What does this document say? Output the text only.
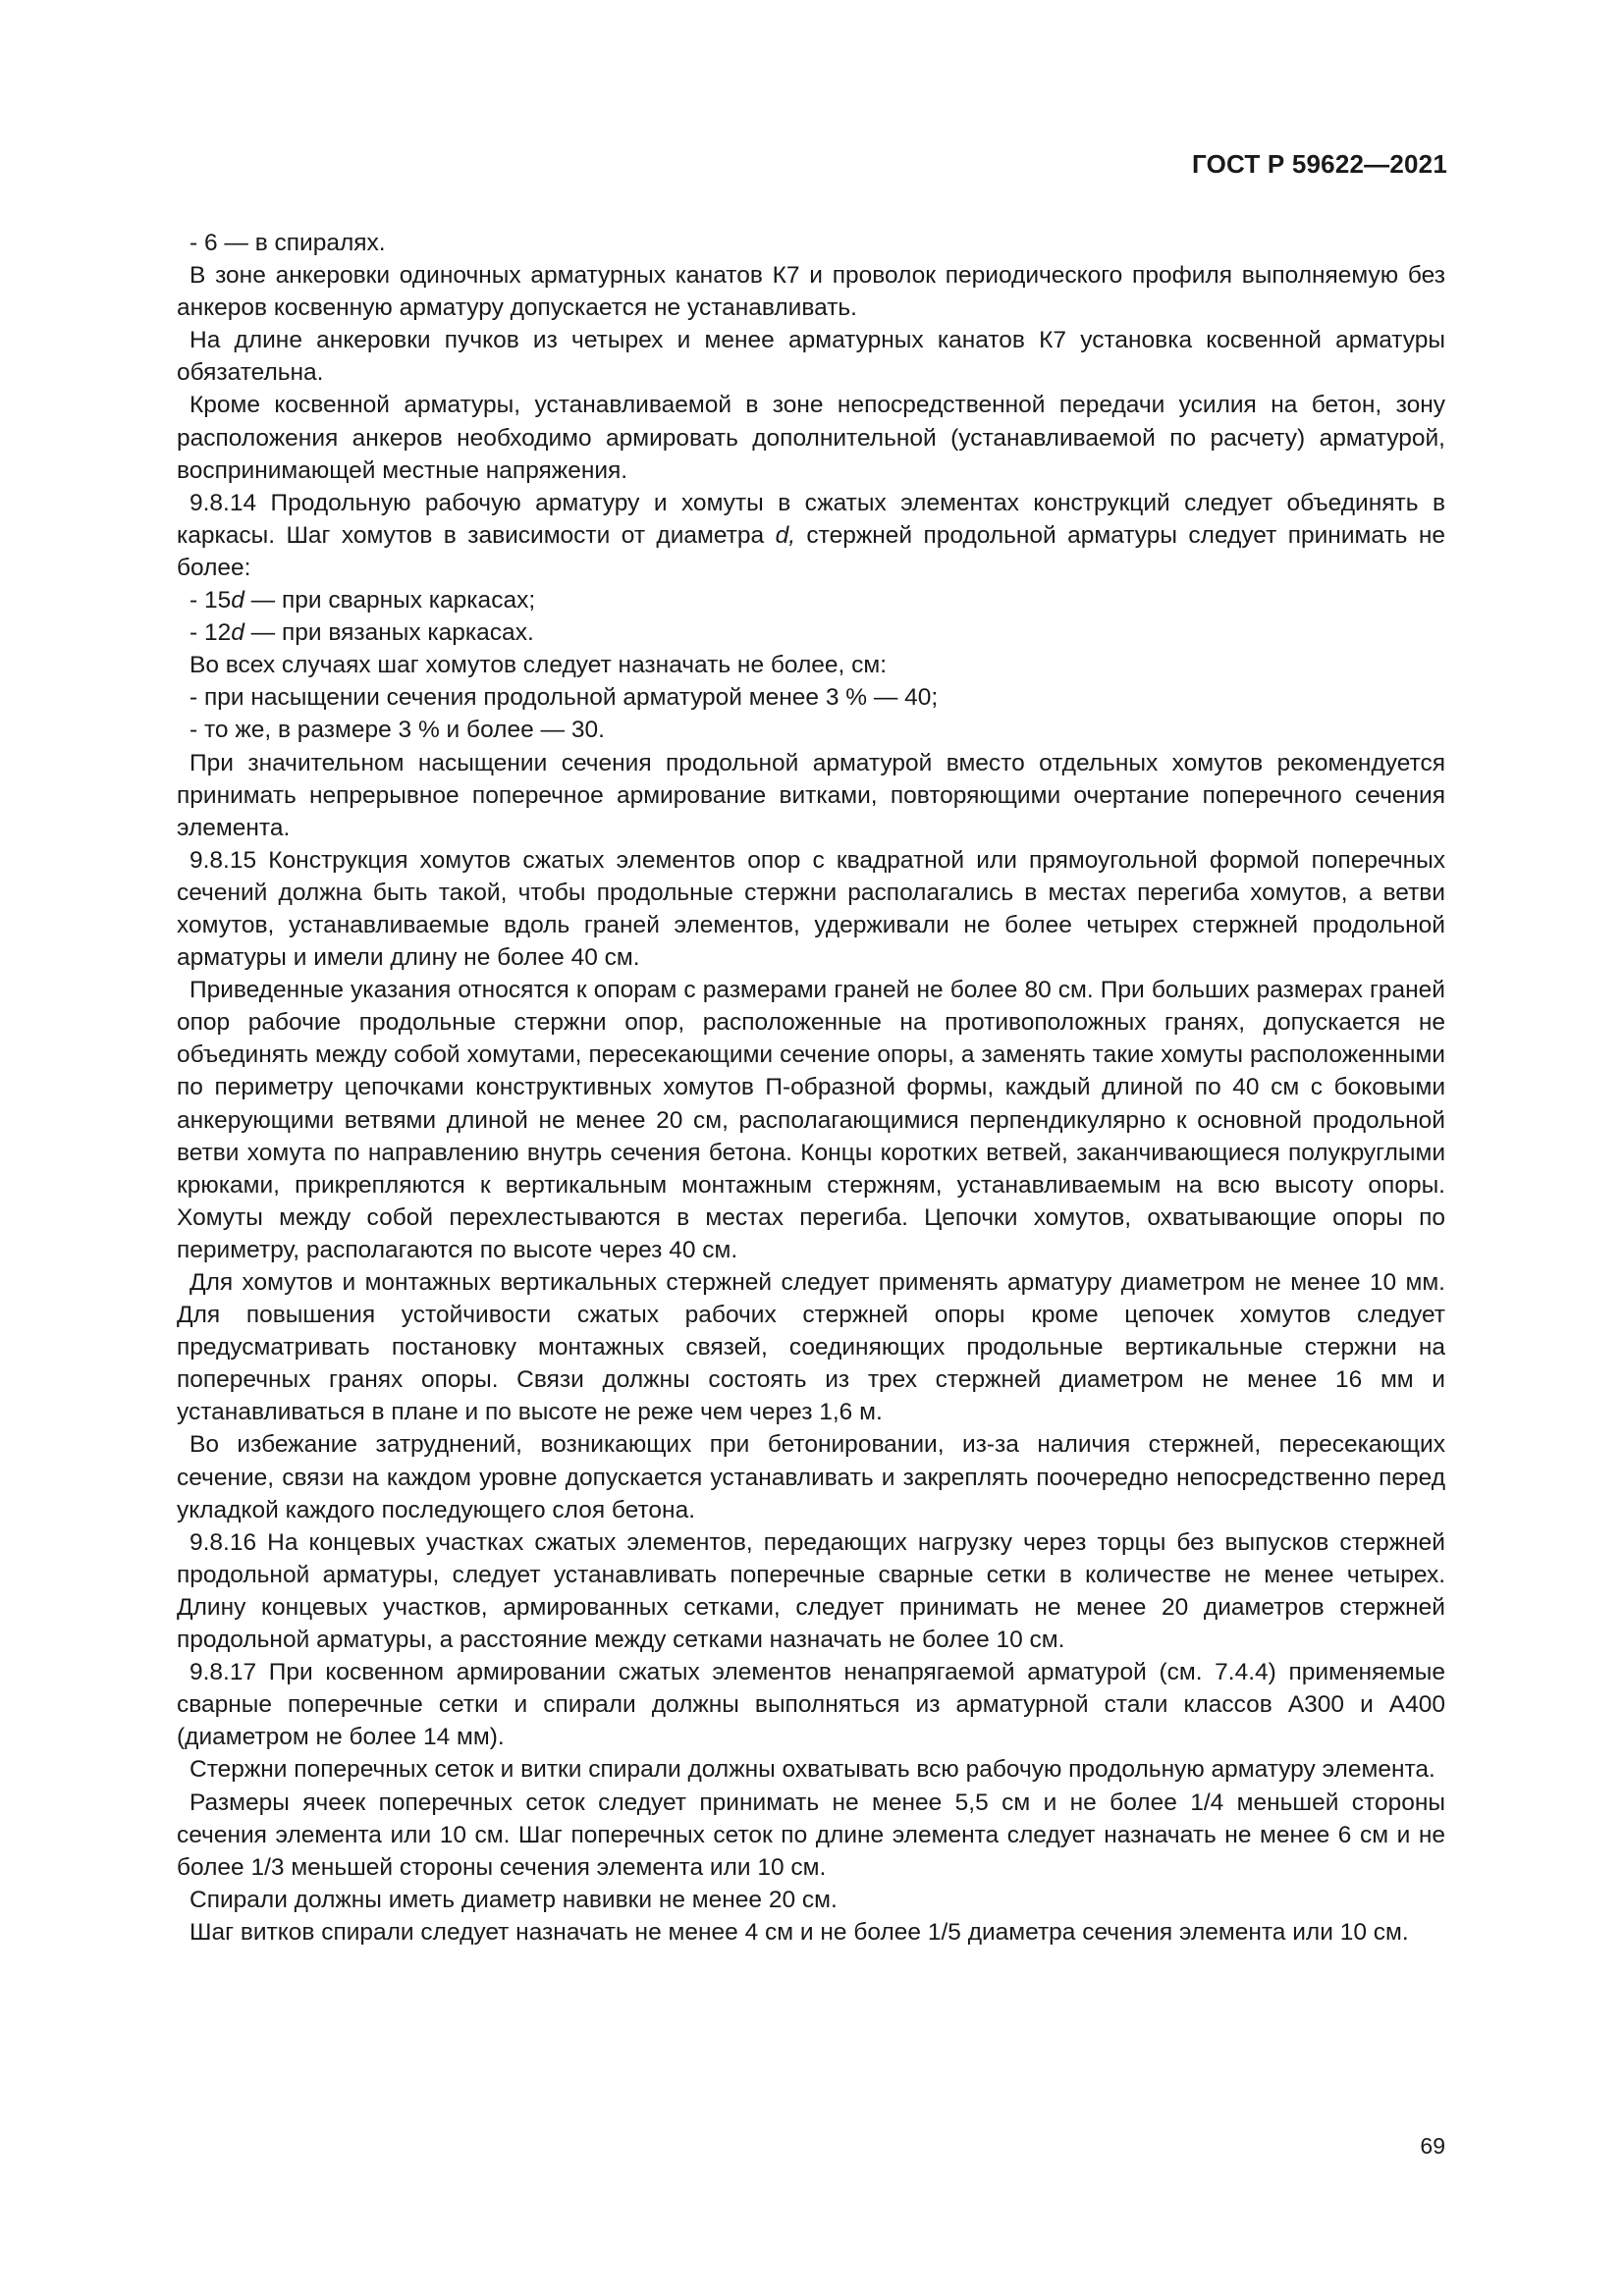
ГОСТ Р 59622—2021

- 6 — в спиралях.

В зоне анкеровки одиночных арматурных канатов К7 и проволок периодического профиля выполняемую без анкеров косвенную арматуру допускается не устанавливать.

На длине анкеровки пучков из четырех и менее арматурных канатов К7 установка косвенной арматуры обязательна.

Кроме косвенной арматуры, устанавливаемой в зоне непосредственной передачи усилия на бетон, зону расположения анкеров необходимо армировать дополнительной (устанавливаемой по расчету) арматурой, воспринимающей местные напряжения.

9.8.14 Продольную рабочую арматуру и хомуты в сжатых элементах конструкций следует объединять в каркасы. Шаг хомутов в зависимости от диаметра d, стержней продольной арматуры следует принимать не более:

- 15d — при сварных каркасах;

- 12d — при вязаных каркасах.

Во всех случаях шаг хомутов следует назначать не более, см:

- при насыщении сечения продольной арматурой менее 3 % — 40;

- то же, в размере 3 % и более — 30.

При значительном насыщении сечения продольной арматурой вместо отдельных хомутов рекомендуется принимать непрерывное поперечное армирование витками, повторяющими очертание поперечного сечения элемента.

9.8.15 Конструкция хомутов сжатых элементов опор с квадратной или прямоугольной формой поперечных сечений должна быть такой, чтобы продольные стержни располагались в местах перегиба хомутов, а ветви хомутов, устанавливаемые вдоль граней элементов, удерживали не более четырех стержней продольной арматуры и имели длину не более 40 см.

Приведенные указания относятся к опорам с размерами граней не более 80 см. При больших размерах граней опор рабочие продольные стержни опор, расположенные на противоположных гранях, допускается не объединять между собой хомутами, пересекающими сечение опоры, а заменять такие хомуты расположенными по периметру цепочками конструктивных хомутов П-образной формы, каждый длиной по 40 см с боковыми анкерующими ветвями длиной не менее 20 см, располагающимися перпендикулярно к основной продольной ветви хомута по направлению внутрь сечения бетона. Концы коротких ветвей, заканчивающиеся полукруглыми крюками, прикрепляются к вертикальным монтажным стержням, устанавливаемым на всю высоту опоры. Хомуты между собой перехлестываются в местах перегиба. Цепочки хомутов, охватывающие опоры по периметру, располагаются по высоте через 40 см.

Для хомутов и монтажных вертикальных стержней следует применять арматуру диаметром не менее 10 мм. Для повышения устойчивости сжатых рабочих стержней опоры кроме цепочек хомутов следует предусматривать постановку монтажных связей, соединяющих продольные вертикальные стержни на поперечных гранях опоры. Связи должны состоять из трех стержней диаметром не менее 16 мм и устанавливаться в плане и по высоте не реже чем через 1,6 м.

Во избежание затруднений, возникающих при бетонировании, из-за наличия стержней, пересекающих сечение, связи на каждом уровне допускается устанавливать и закреплять поочередно непосредственно перед укладкой каждого последующего слоя бетона.

9.8.16 На концевых участках сжатых элементов, передающих нагрузку через торцы без выпусков стержней продольной арматуры, следует устанавливать поперечные сварные сетки в количестве не менее четырех. Длину концевых участков, армированных сетками, следует принимать не менее 20 диаметров стержней продольной арматуры, а расстояние между сетками назначать не более 10 см.

9.8.17 При косвенном армировании сжатых элементов ненапрягаемой арматурой (см. 7.4.4) применяемые сварные поперечные сетки и спирали должны выполняться из арматурной стали классов А300 и А400 (диаметром не более 14 мм).

Стержни поперечных сеток и витки спирали должны охватывать всю рабочую продольную арматуру элемента.

Размеры ячеек поперечных сеток следует принимать не менее 5,5 см и не более 1/4 меньшей стороны сечения элемента или 10 см. Шаг поперечных сеток по длине элемента следует назначать не менее 6 см и не более 1/3 меньшей стороны сечения элемента или 10 см.

Спирали должны иметь диаметр навивки не менее 20 см.

Шаг витков спирали следует назначать не менее 4 см и не более 1/5 диаметра сечения элемента или 10 см.

69
